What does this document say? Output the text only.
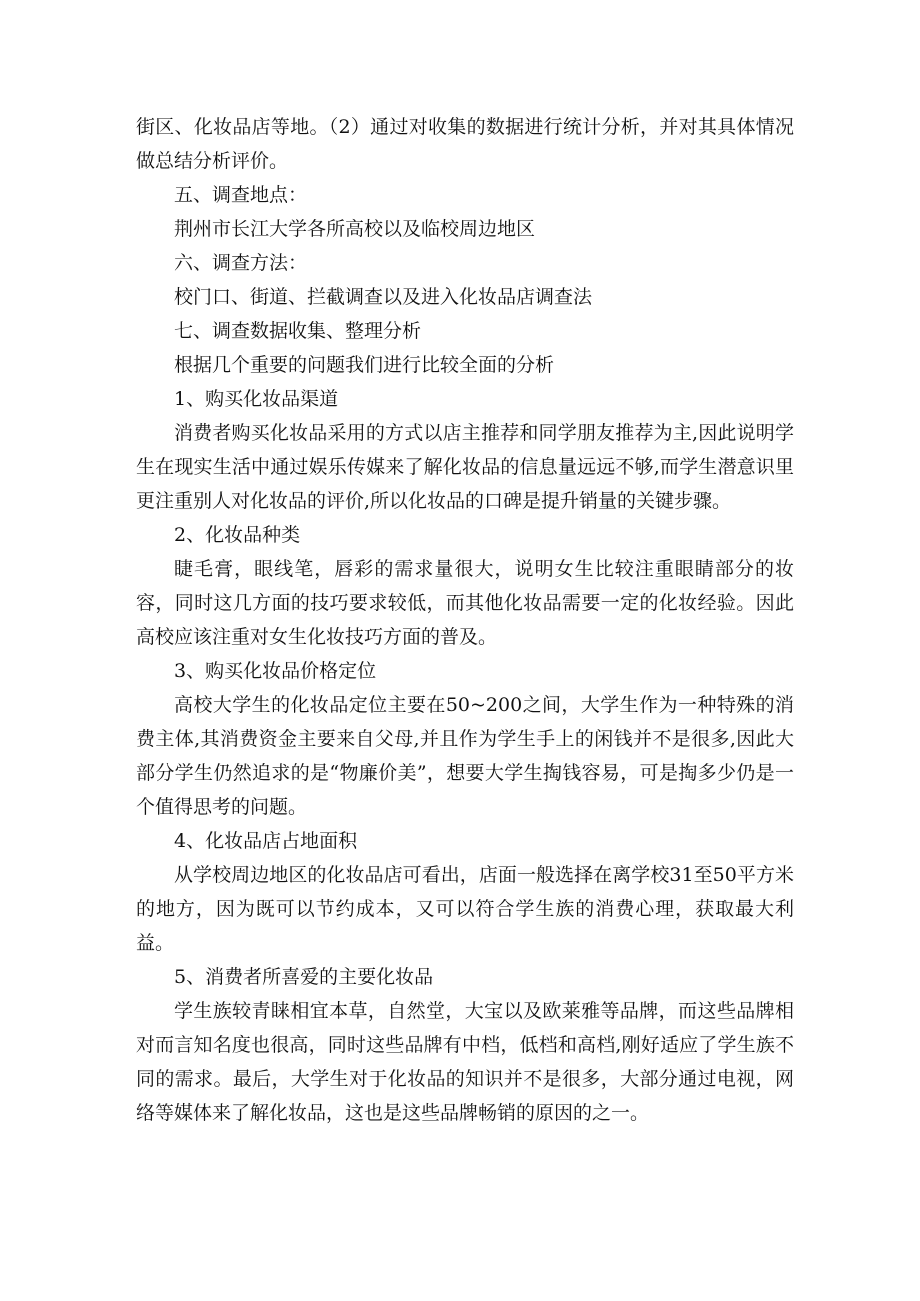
街区、化妆品店等地。（2）通过对收集的数据进行统计分析，并对其具体情况做总结分析评价。

五、调查地点：

荆州市长江大学各所高校以及临校周边地区

六、调查方法：

校门口、街道、拦截调查以及进入化妆品店调查法

七、调查数据收集、整理分析

根据几个重要的问题我们进行比较全面的分析

1、购买化妆品渠道

消费者购买化妆品采用的方式以店主推荐和同学朋友推荐为主,因此说明学生在现实生活中通过娱乐传媒来了解化妆品的信息量远远不够,而学生潜意识里更注重别人对化妆品的评价,所以化妆品的口碑是提升销量的关键步骤。

2、化妆品种类

睫毛膏，眼线笔，唇彩的需求量很大，说明女生比较注重眼睛部分的妆容，同时这几方面的技巧要求较低，而其他化妆品需要一定的化妆经验。因此高校应该注重对女生化妆技巧方面的普及。

3、购买化妆品价格定位

高校大学生的化妆品定位主要在50~200之间，大学生作为一种特殊的消费主体,其消费资金主要来自父母,并且作为学生手上的闲钱并不是很多,因此大部分学生仍然追求的是“物廉价美”，想要大学生掏钱容易，可是掏多少仍是一个值得思考的问题。

4、化妆品店占地面积

从学校周边地区的化妆品店可看出，店面一般选择在离学校31至50平方米的地方，因为既可以节约成本，又可以符合学生族的消费心理，获取最大利益。

5、消费者所喜爱的主要化妆品

学生族较青睐相宜本草，自然堂，大宝以及欧莱雅等品牌，而这些品牌相对而言知名度也很高，同时这些品牌有中档，低档和高档,刚好适应了学生族不同的需求。最后，大学生对于化妆品的知识并不是很多，大部分通过电视，网络等媒体来了解化妆品，这也是这些品牌畅销的原因的之一。
